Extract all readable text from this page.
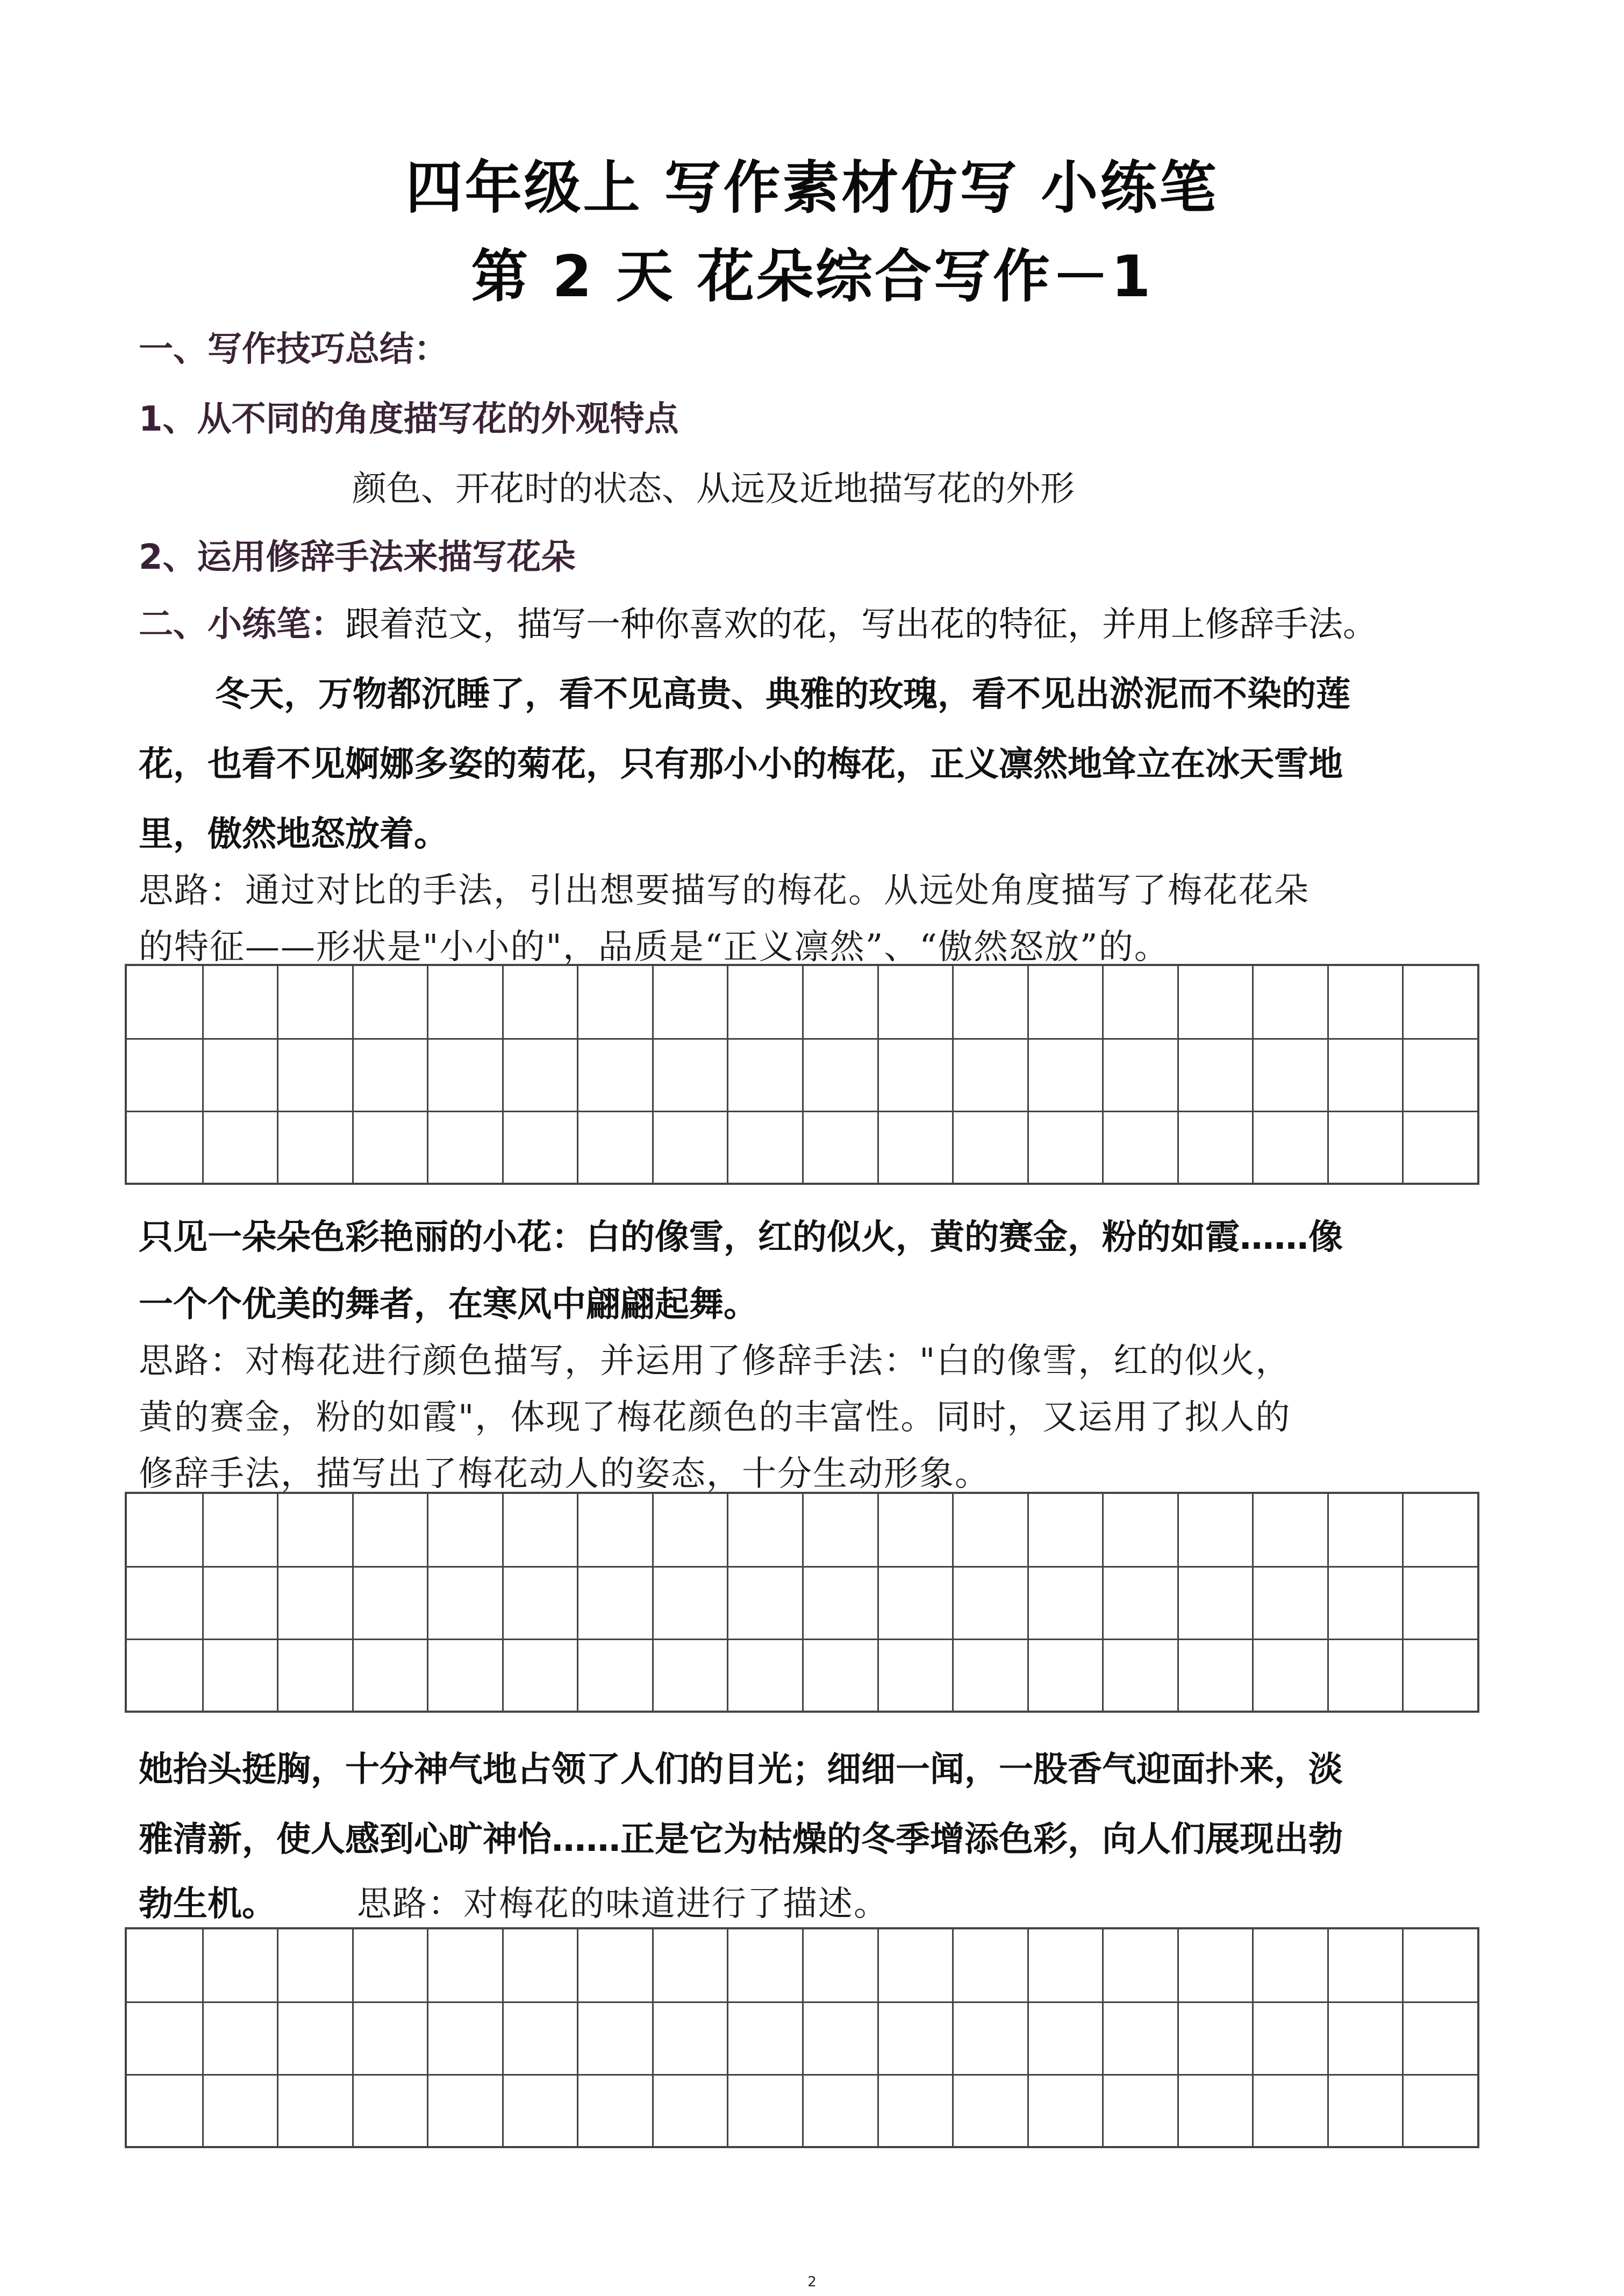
四年级上 写作素材仿写 小练笔
第 2 天 花朵综合写作－1
一、写作技巧总结：
1、从不同的角度描写花的外观特点
颜色、开花时的状态、从远及近地描写花的外形
2、运用修辞手法来描写花朵
二、小练笔：跟着范文，描写一种你喜欢的花，写出花的特征，并用上修辞手法。
冬天，万物都沉睡了，看不见高贵、典雅的玫瑰，看不见出淤泥而不染的莲
花，也看不见婀娜多姿的菊花，只有那小小的梅花，正义凛然地耸立在冰天雪地
里，傲然地怒放着。
思路：通过对比的手法，引出想要描写的梅花。从远处角度描写了梅花花朵
的特征——形状是"小小的"，品质是“正义凛然”、“傲然怒放”的。
只见一朵朵色彩艳丽的小花：白的像雪，红的似火，黄的赛金，粉的如霞……像
一个个优美的舞者，在寒风中翩翩起舞。
思路：对梅花进行颜色描写，并运用了修辞手法："白的像雪，红的似火，
黄的赛金，粉的如霞"，体现了梅花颜色的丰富性。同时，又运用了拟人的
修辞手法，描写出了梅花动人的姿态，十分生动形象。
她抬头挺胸，十分神气地占领了人们的目光；细细一闻，一股香气迎面扑来，淡
雅清新，使人感到心旷神怡……正是它为枯燥的冬季增添色彩，向人们展现出勃
勃生机。 思路：对梅花的味道进行了描述。
2
